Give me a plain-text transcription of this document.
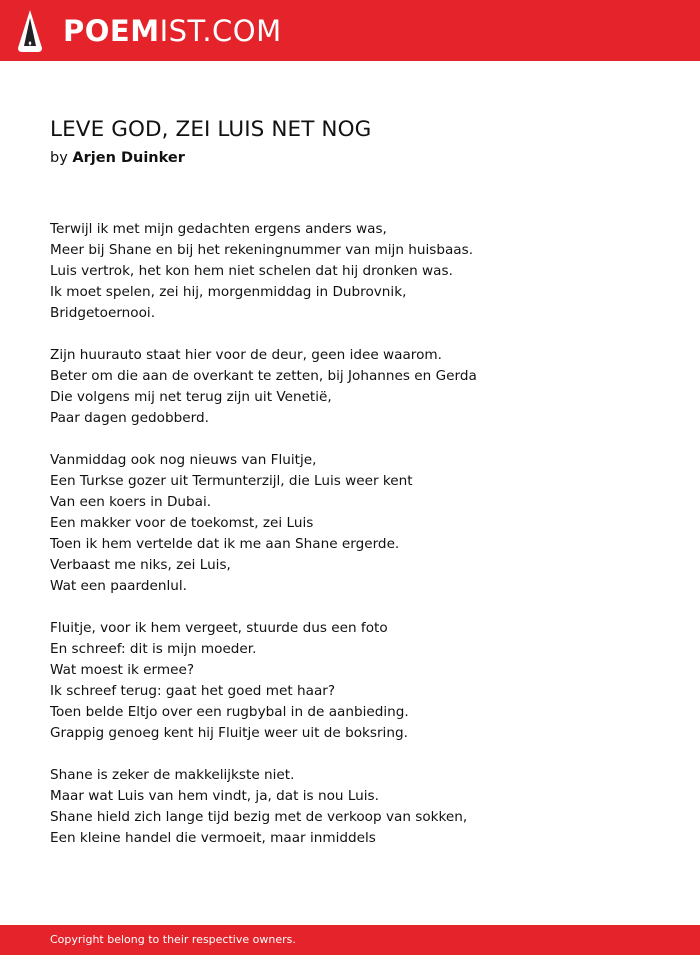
POEMIST.COM
LEVE GOD, ZEI LUIS NET NOG
by Arjen Duinker
Terwijl ik met mijn gedachten ergens anders was,
Meer bij Shane en bij het rekeningnummer van mijn huisbaas.
Luis vertrok, het kon hem niet schelen dat hij dronken was.
Ik moet spelen, zei hij, morgenmiddag in Dubrovnik,
Bridgetoernooi.
Zijn huurauto staat hier voor de deur, geen idee waarom.
Beter om die aan de overkant te zetten, bij Johannes en Gerda
Die volgens mij net terug zijn uit Venetië,
Paar dagen gedobberd.
Vanmiddag ook nog nieuws van Fluitje,
Een Turkse gozer uit Termunterzijl, die Luis weer kent
Van een koers in Dubai.
Een makker voor de toekomst, zei Luis
Toen ik hem vertelde dat ik me aan Shane ergerde.
Verbaast me niks, zei Luis,
Wat een paardenlul.
Fluitje, voor ik hem vergeet, stuurde dus een foto
En schreef: dit is mijn moeder.
Wat moest ik ermee?
Ik schreef terug: gaat het goed met haar?
Toen belde Eltjo over een rugbybal in de aanbieding.
Grappig genoeg kent hij Fluitje weer uit de boksring.
Shane is zeker de makkelijkste niet.
Maar wat Luis van hem vindt, ja, dat is nou Luis.
Shane hield zich lange tijd bezig met de verkoop van sokken,
Een kleine handel die vermoeit, maar inmiddels
Copyright belong to their respective owners.
